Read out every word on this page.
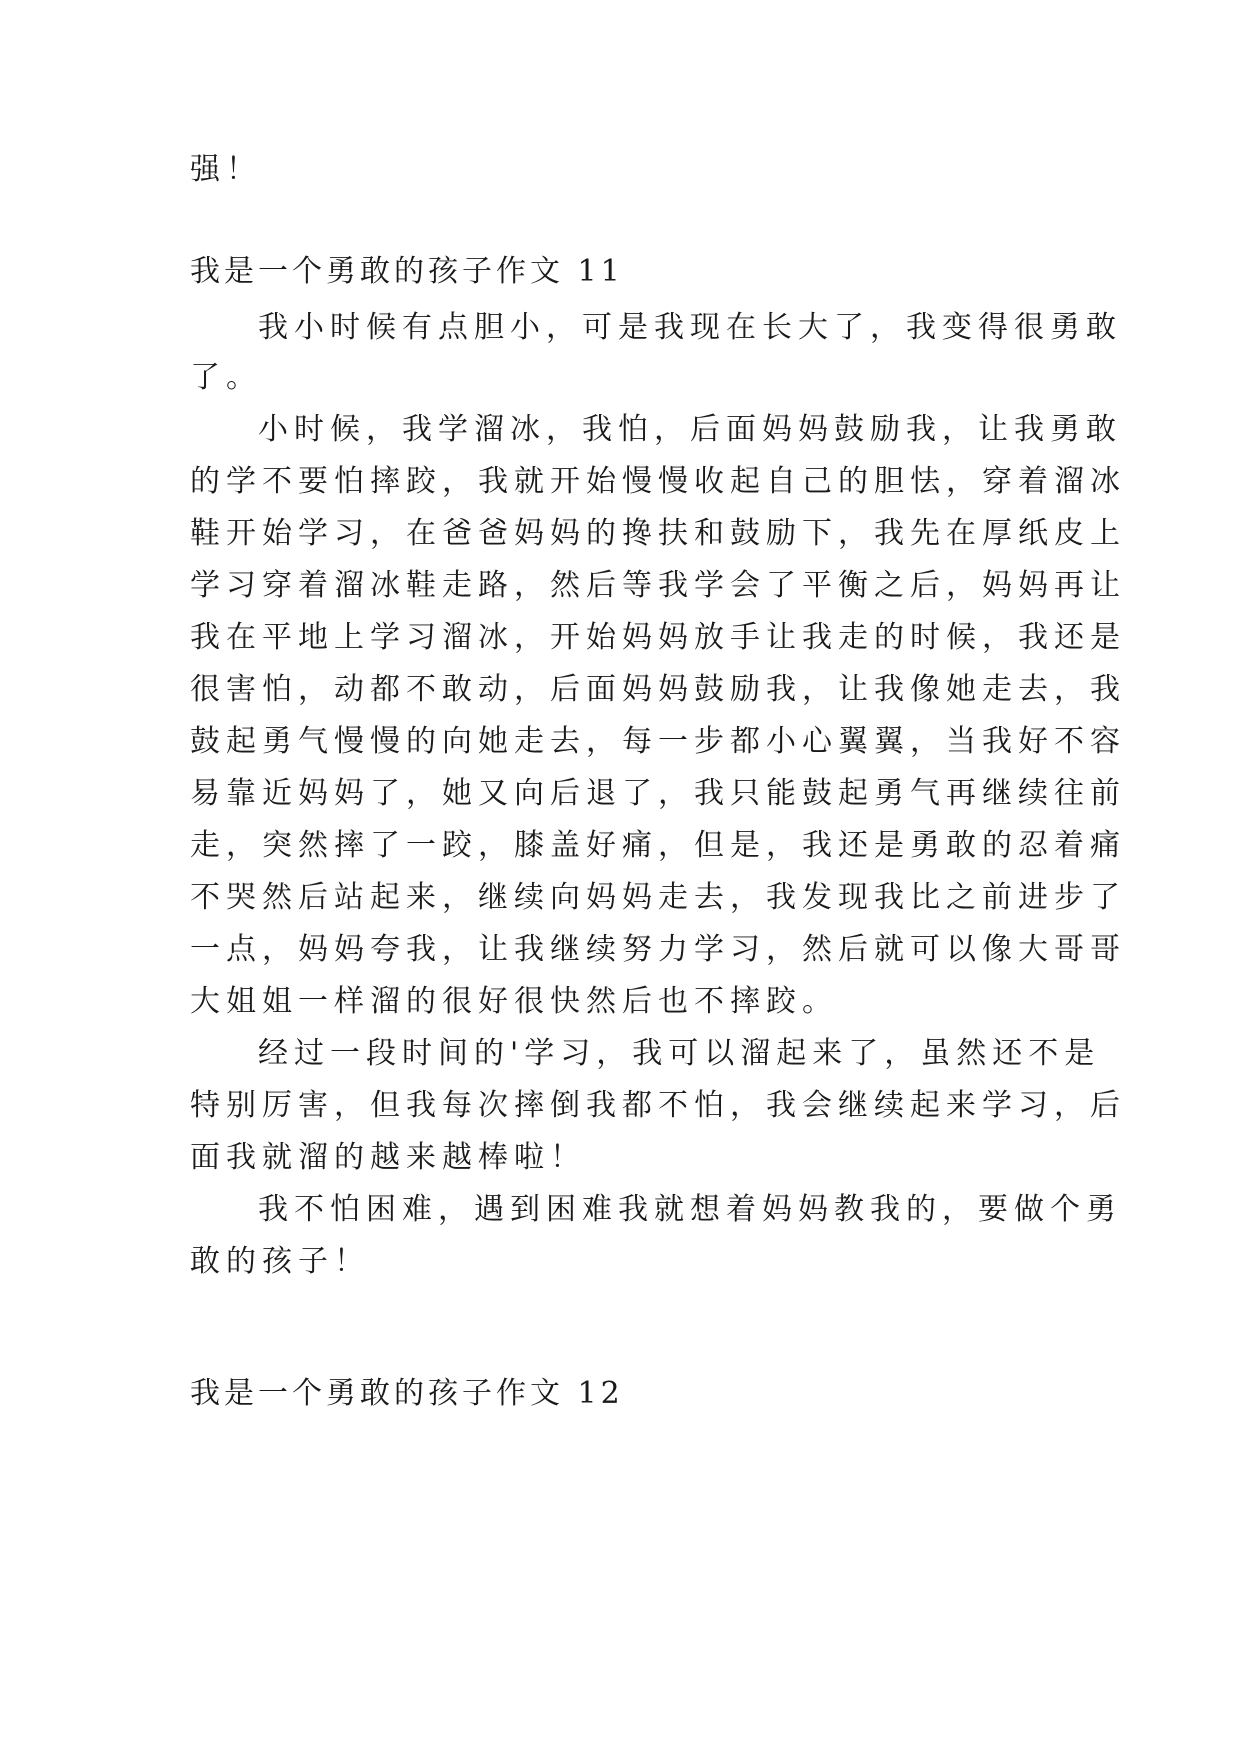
强！
我是一个勇敢的孩子作文 11
我小时候有点胆小，可是我现在长大了，我变得很勇敢
了。
小时候，我学溜冰，我怕，后面妈妈鼓励我，让我勇敢
的学不要怕摔跤，我就开始慢慢收起自己的胆怯，穿着溜冰
鞋开始学习，在爸爸妈妈的搀扶和鼓励下，我先在厚纸皮上
学习穿着溜冰鞋走路，然后等我学会了平衡之后，妈妈再让
我在平地上学习溜冰，开始妈妈放手让我走的时候，我还是
很害怕，动都不敢动，后面妈妈鼓励我，让我像她走去，我
鼓起勇气慢慢的向她走去，每一步都小心翼翼，当我好不容
易靠近妈妈了，她又向后退了，我只能鼓起勇气再继续往前
走，突然摔了一跤，膝盖好痛，但是，我还是勇敢的忍着痛
不哭然后站起来，继续向妈妈走去，我发现我比之前进步了
一点，妈妈夸我，让我继续努力学习，然后就可以像大哥哥
大姐姐一样溜的很好很快然后也不摔跤。
经过一段时间的'学习，我可以溜起来了，虽然还不是
特别厉害，但我每次摔倒我都不怕，我会继续起来学习，后
面我就溜的越来越棒啦！
我不怕困难，遇到困难我就想着妈妈教我的，要做个勇
敢的孩子！
我是一个勇敢的孩子作文 12
